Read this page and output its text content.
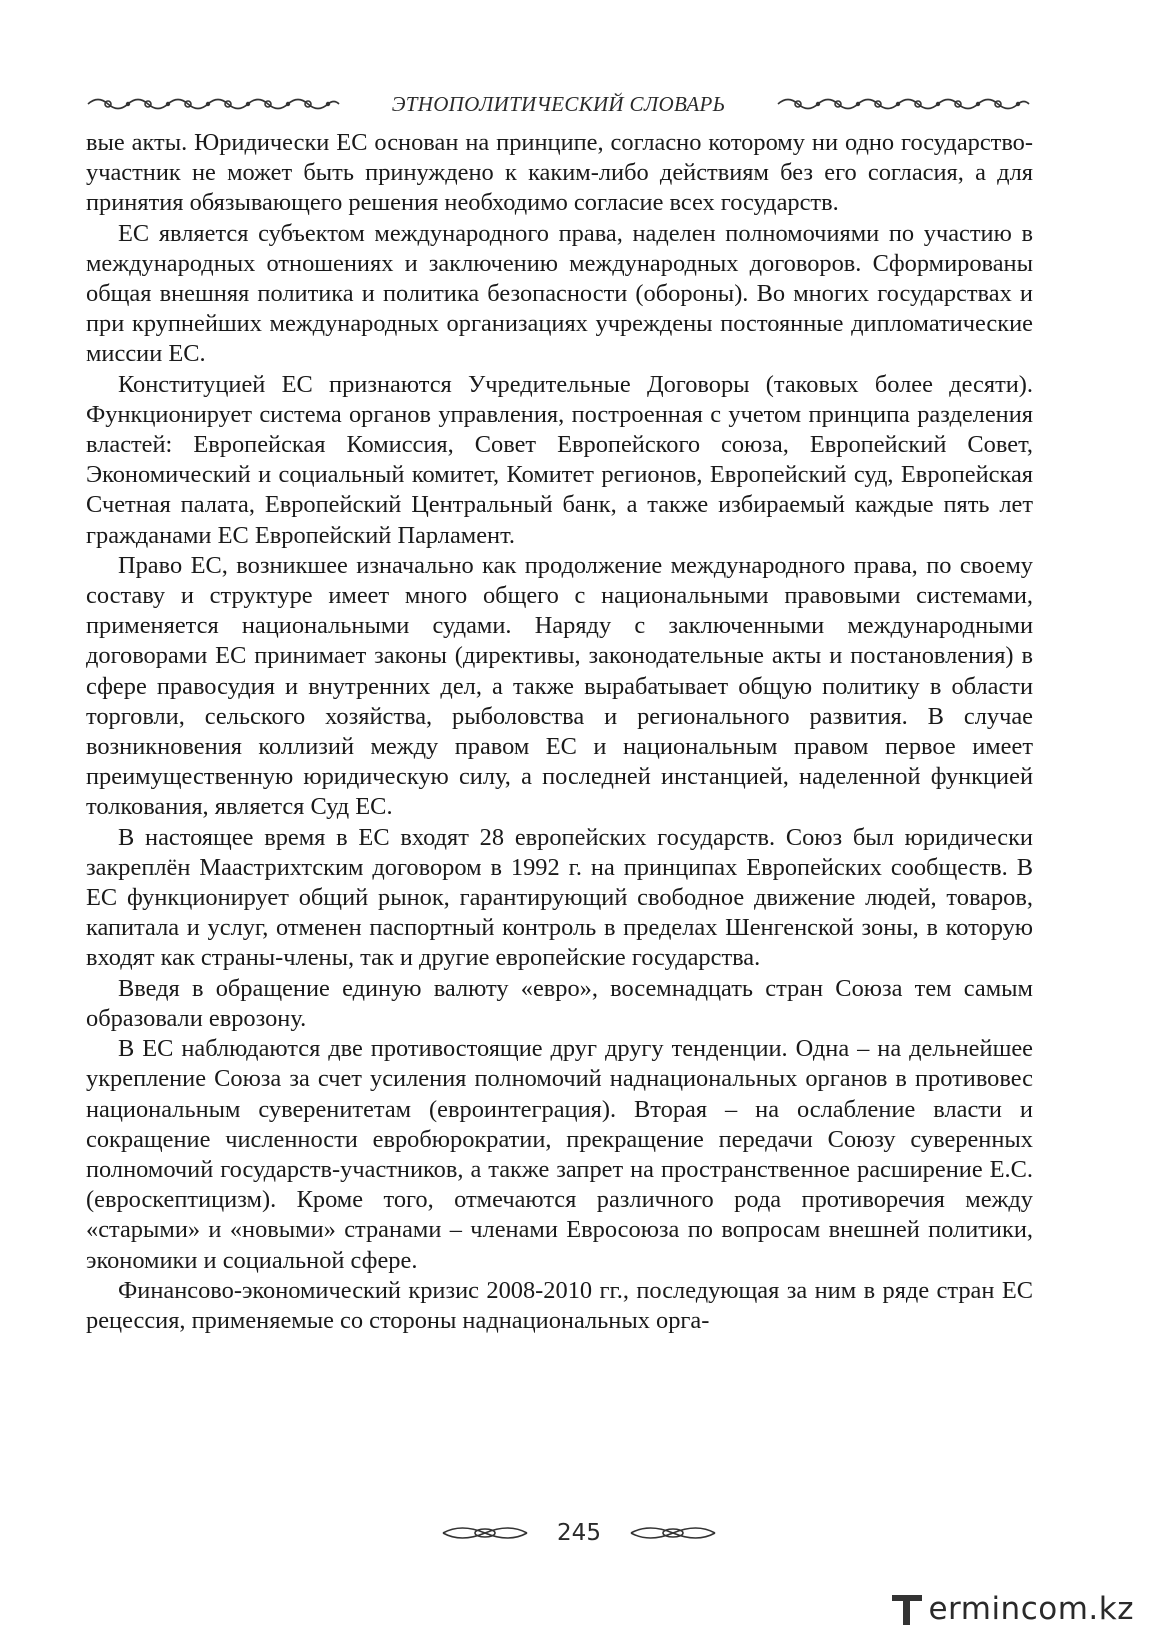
ЭТНОПОЛИТИЧЕСКИЙ СЛОВАРЬ

вые акты. Юридически ЕС основан на принципе, согласно которому ни одно государство-участник не может быть принуждено к каким-либо действиям без его согласия, а для принятия обязывающего решения необходимо согласие всех государств.

ЕС является субъектом международного права, наделен полномочиями по участию в международных отношениях и заключению международных договоров. Сформированы общая внешняя политика и политика безопасности (обороны). Во многих государствах и при крупнейших международных организациях учреждены постоянные дипломатические миссии ЕС.

Конституцией ЕС признаются Учредительные Договоры (таковых более десяти). Функционирует система органов управления, построенная с учетом принципа разделения властей: Европейская Комиссия, Совет Европейского союза, Европейский Совет, Экономический и социальный комитет, Комитет регионов, Европейский суд, Европейская Счетная палата, Европейский Центральный банк, а также избираемый каждые пять лет гражданами ЕС Европейский Парламент.

Право ЕС, возникшее изначально как продолжение международного права, по своему составу и структуре имеет много общего с национальными правовыми системами, применяется национальными судами. Наряду с заключенными международными договорами ЕС принимает законы (директивы, законодательные акты и постановления) в сфере правосудия и внутренних дел, а также вырабатывает общую политику в области торговли, сельского хозяйства, рыболовства и регионального развития. В случае возникновения коллизий между правом ЕС и национальным правом первое имеет преимущественную юридическую силу, а последней инстанцией, наделенной функцией толкования, является Суд ЕС.

В настоящее время в ЕС входят 28 европейских государств. Союз был юридически закреплён Маастрихтским договором в 1992 г. на принципах Европейских сообществ. В ЕС функционирует общий рынок, гарантирующий свободное движение людей, товаров, капитала и услуг, отменен паспортный контроль в пределах Шенгенской зоны, в которую входят как страны-члены, так и другие европейские государства.

Введя в обращение единую валюту «евро», восемнадцать стран Союза тем самым образовали еврозону.

В ЕС наблюдаются две противостоящие друг другу тенденции. Одна – на дельнейшее укрепление Союза за счет усиления полномочий наднациональных органов в противовес национальным суверенитетам (евроинтеграция). Вторая – на ослабление власти и сокращение численности евробюрократии, прекращение передачи Союзу суверенных полномочий государств-участников, а также запрет на пространственное расширение Е.С. (евроскептицизм). Кроме того, отмечаются различного рода противоречия между «старыми» и «новыми» странами – членами Евросоюза по вопросам внешней политики, экономики и социальной сфере.

Финансово-экономический кризис 2008-2010 гг., последующая за ним в ряде стран ЕС рецессия, применяемые со стороны наднациональных орга-

245
ermincom.kz
